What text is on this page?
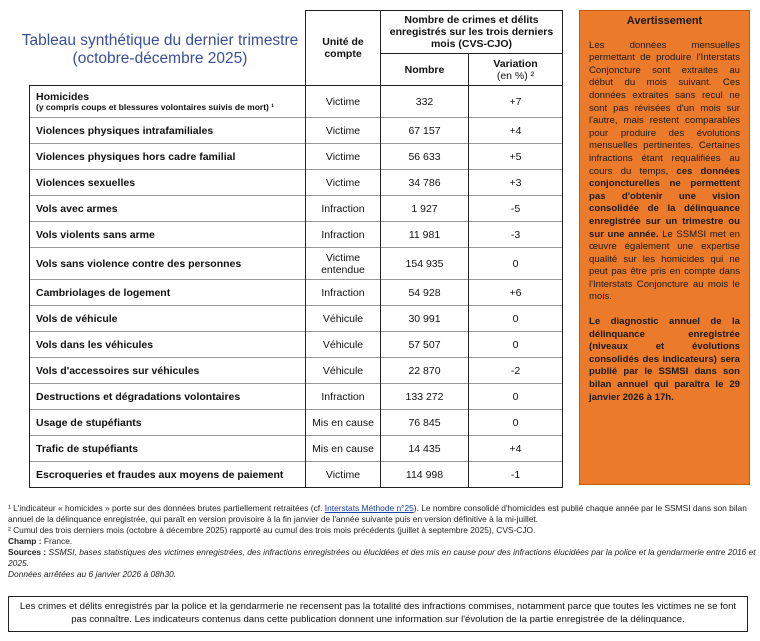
Tableau synthétique du dernier trimestre (octobre-décembre 2025)
	Unité de compte	Nombre de crimes et délits enregistrés sur les trois derniers mois (CVS-CJO)	
		Nombre	Variation
(en %) ²

Homicides
(y compris coups et blessures volontaires suivis de mort) ¹	Victime	332	+7

Violences physiques intrafamiliales	Victime	67 157	+4

Violences physiques hors cadre familial	Victime	56 633	+5

Violences sexuelles	Victime	34 786	+3

Vols avec armes	Infraction	1 927	-5

Vols violents sans arme	Infraction	11 981	-3

Vols sans violence contre des personnes	Victime entendue	154 935	0

Cambriolages de logement	Infraction	54 928	+6

Vols de véhicule	Véhicule	30 991	0

Vols dans les véhicules	Véhicule	57 507	0

Vols d'accessoires sur véhicules	Véhicule	22 870	-2

Destructions et dégradations volontaires	Infraction	133 272	0

Usage de stupéfiants	Mis en cause	76 845	0

Trafic de stupéfiants	Mis en cause	14 435	+4

Escroqueries et fraudes aux moyens de paiement	Victime	114 998	-1
Avertissement

Les données mensuelles permettant de produire l'Interstats Conjoncture sont extraites au début du mois suivant. Ces données extraites sans recul ne sont pas révisées d'un mois sur l'autre, mais restent comparables pour produire des évolutions mensuelles pertinentes. Certaines infractions étant requalifiées au cours du temps, ces données conjoncturelles ne permettent pas d'obtenir une vision consolidée de la délinquance enregistrée sur un trimestre ou sur une année. Le SSMSI met en œuvre également une expertise qualité sur les homicides qui ne peut pas être pris en compte dans l'Interstats Conjoncture au mois le mois.

Le diagnostic annuel de la délinquance enregistrée (niveaux et évolutions consolidés des indicateurs) sera publié par le SSMSI dans son bilan annuel qui paraîtra le 29 janvier 2026 à 17h.

¹ L'indicateur « homicides » porte sur des données brutes partiellement retraitées (cf. Interstats Méthode n°25). Le nombre consolidé d'homicides est publié chaque année par le SSMSI dans son bilan annuel de la délinquance enregistrée, qui paraît en version provisoire à la fin janvier de l'année suivante puis en version définitive à la mi-juillet.

² Cumul des trois derniers mois (octobre à décembre 2025) rapporté au cumul des trois mois précédents (juillet à septembre 2025), CVS-CJO.

Champ : France.

Sources : SSMSI, bases statistiques des victimes enregistrées, des infractions enregistrées ou élucidées et des mis en cause pour des infractions élucidées par la police et la gendarmerie entre 2016 et 2025.

Données arrêtées au 6 janvier 2026 à 08h30.

Les crimes et délits enregistrés par la police et la gendarmerie ne recensent pas la totalité des infractions commises, notamment parce que toutes les victimes ne se font pas connaître. Les indicateurs contenus dans cette publication donnent une information sur l'évolution de la partie enregistrée de la délinquance.
